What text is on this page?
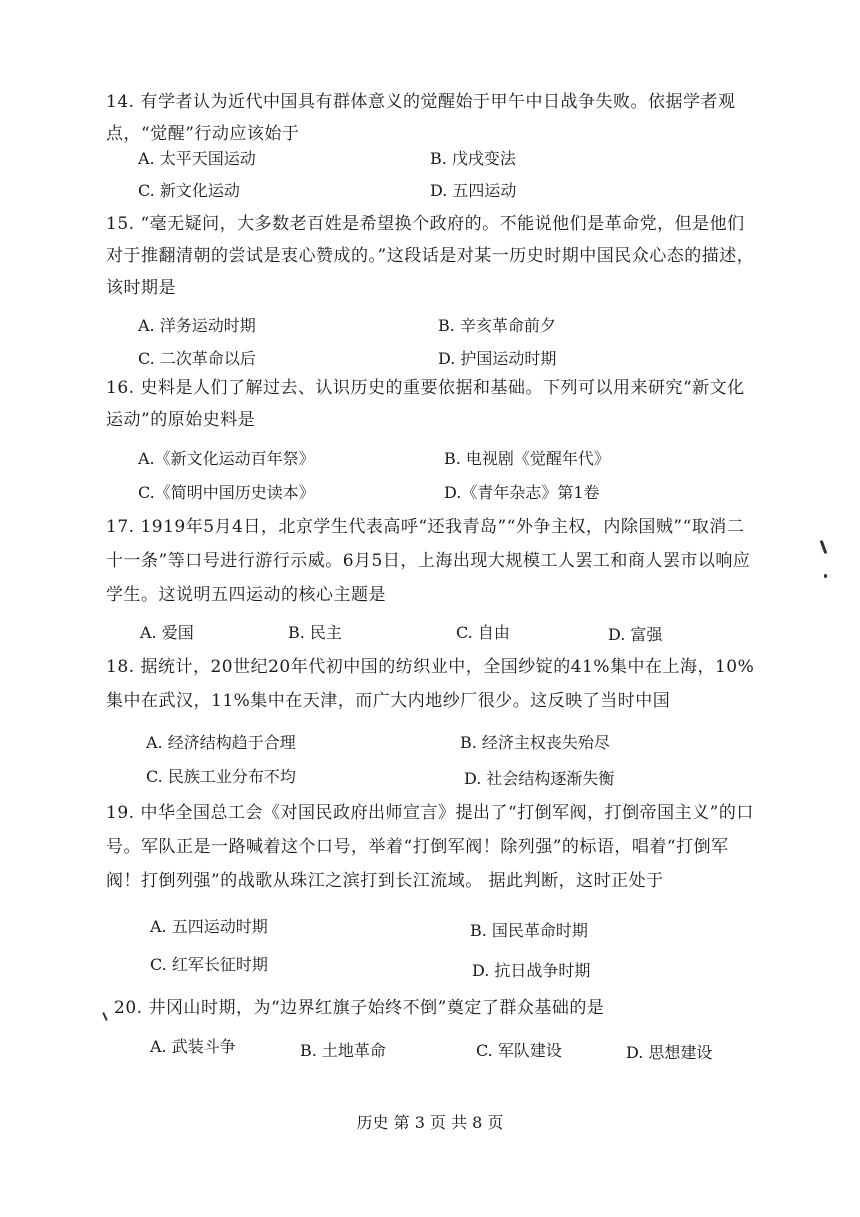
14. 有学者认为近代中国具有群体意义的觉醒始于甲午中日战争失败。依据学者观点，“觉醒”行动应该始于
A. 太平天国运动	B. 戊戌变法
C. 新文化运动	D. 五四运动
15. “毫无疑问，大多数老百姓是希望换个政府的。不能说他们是革命党，但是他们对于推翻清朝的尝试是衷心赞成的。”这段话是对某一历史时期中国民众心态的描述，该时期是
A. 洋务运动时期	B. 辛亥革命前夕
C. 二次革命以后	D. 护国运动时期
16. 史料是人们了解过去、认识历史的重要依据和基础。下列可以用来研究“新文化运动”的原始史料是
A.《新文化运动百年祭》	B. 电视剧《觉醒年代》
C.《简明中国历史读本》	D.《青年杂志》第1卷
17. 1919年5月4日，北京学生代表高呼“还我青岛”“外争主权，内除国贼”“取消二十一条”等口号进行游行示威。6月5日，上海出现大规模工人罢工和商人罢市以响应学生。这说明五四运动的核心主题是
A. 爱国	B. 民主	C. 自由	D. 富强
18. 据统计，20世纪20年代初中国的纺织业中，全国纱锭的41%集中在上海，10%集中在武汉，11%集中在天津，而广大内地纱厂很少。这反映了当时中国
A. 经济结构趋于合理	B. 经济主权丧失殆尽
C. 民族工业分布不均	D. 社会结构逐渐失衡
19. 中华全国总工会《对国民政府出师宣言》提出了“打倒军阀，打倒帝国主义”的口号。军队正是一路喊着这个口号，举着“打倒军阀！除列强”的标语，唱着“打倒军阀！打倒列强”的战歌从珠江之滨打到长江流域。 据此判断，这时正处于
A. 五四运动时期	B. 国民革命时期
C. 红军长征时期	D. 抗日战争时期
20. 井冈山时期，为“边界红旗子始终不倒”奠定了群众基础的是
A. 武装斗争	B. 土地革命	C. 军队建设	D. 思想建设
历史 第 3 页 共 8 页
